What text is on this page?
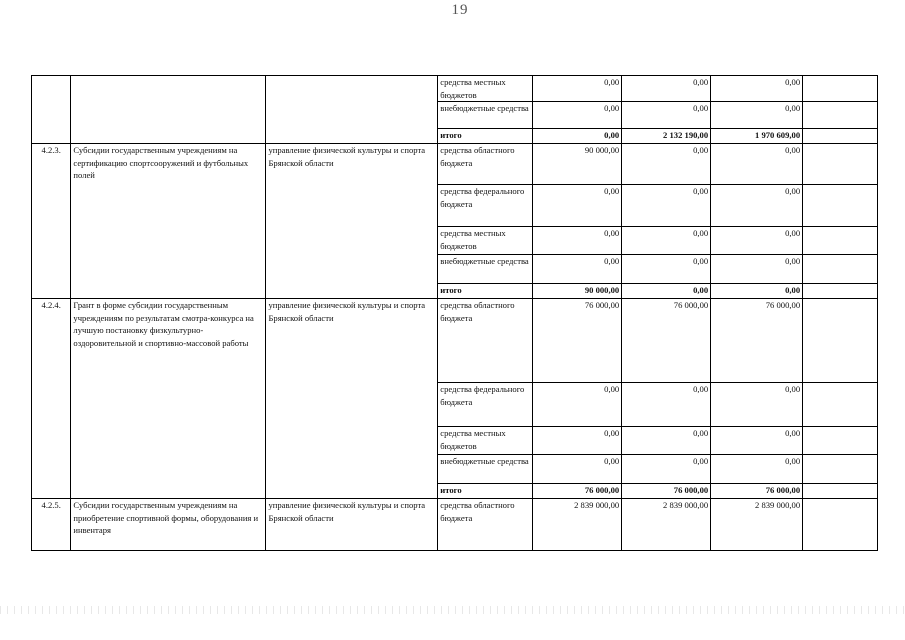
19
			средства местных бюджетов	0,00	0,00	0,00	
			внебюджетные средства	0,00	0,00	0,00	
			итого	0,00	2 132 190,00	1 970 609,00	
4.2.3.	Субсидии государственным учреждениям на сертификацию спортсооружений и футбольных полей	управление физической культуры и спорта Брянской области	средства областного бюджета	90 000,00	0,00	0,00	
			средства федерального бюджета	0,00	0,00	0,00	
			средства местных бюджетов	0,00	0,00	0,00	
			внебюджетные средства	0,00	0,00	0,00	
			итого	90 000,00	0,00	0,00	
4.2.4.	Грант в форме субсидии государственным учреждениям по результатам смотра-конкурса на лучшую постановку физкультурно-оздоровительной и спортивно-массовой работы	управление физической культуры и спорта Брянской области	средства областного бюджета	76 000,00	76 000,00	76 000,00	
			средства федерального бюджета	0,00	0,00	0,00	
			средства местных бюджетов	0,00	0,00	0,00	
			внебюджетные средства	0,00	0,00	0,00	
			итого	76 000,00	76 000,00	76 000,00	
4.2.5.	Субсидии государственным учреждениям на приобретение спортивной формы, оборудования и инвентаря	управление физической культуры и спорта Брянской области	средства областного бюджета	2 839 000,00	2 839 000,00	2 839 000,00	
